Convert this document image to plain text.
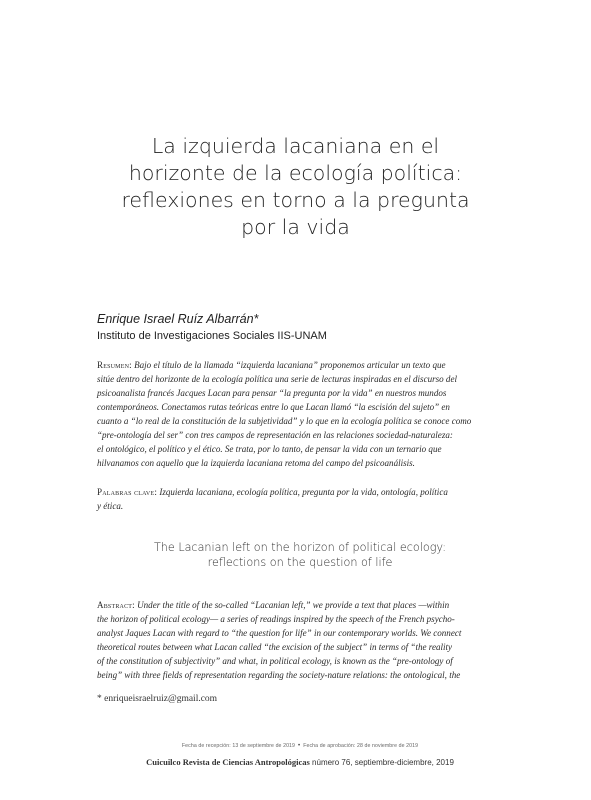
La izquierda lacaniana en el
horizonte de la ecología política:
reflexiones en torno a la pregunta
por la vida
Enrique Israel Ruíz Albarrán*
Instituto de Investigaciones Sociales IIS-UNAM
Resumen: Bajo el título de la llamada “izquierda lacaniana” proponemos articular un texto que
sitúe dentro del horizonte de la ecología política una serie de lecturas inspiradas en el discurso del
psicoanalista francés Jacques Lacan para pensar “la pregunta por la vida” en nuestros mundos
contemporáneos. Conectamos rutas teóricas entre lo que Lacan llamó “la escisión del sujeto” en
cuanto a “lo real de la constitución de la subjetividad” y lo que en la ecología política se conoce como
“pre-ontología del ser” con tres campos de representación en las relaciones sociedad-naturaleza:
el ontológico, el político y el ético. Se trata, por lo tanto, de pensar la vida con un ternario que
hilvanamos con aquello que la izquierda lacaniana retoma del campo del psicoanálisis.
Palabras clave: Izquierda lacaniana, ecología política, pregunta por la vida, ontología, política
y ética.
The Lacanian left on the horizon of political ecology:
reflections on the question of life
Abstract: Under the title of the so-called “Lacanian left,” we provide a text that places —within
the horizon of political ecology— a series of readings inspired by the speech of the French psycho-
analyst Jaques Lacan with regard to “the question for life” in our contemporary worlds. We connect
theoretical routes between what Lacan called “the excision of the subject” in terms of “the reality
of the constitution of subjectivity” and what, in political ecology, is known as the “pre-ontology of
being” with three fields of representation regarding the society-nature relations: the ontological, the
* enriqueisraelruiz@gmail.com
Fecha de recepción: 13 de septiembre de 2019 • Fecha de aprobación: 28 de noviembre de 2019
Cuicuilco Revista de Ciencias Antropológicas número 76, septiembre-diciembre, 2019
